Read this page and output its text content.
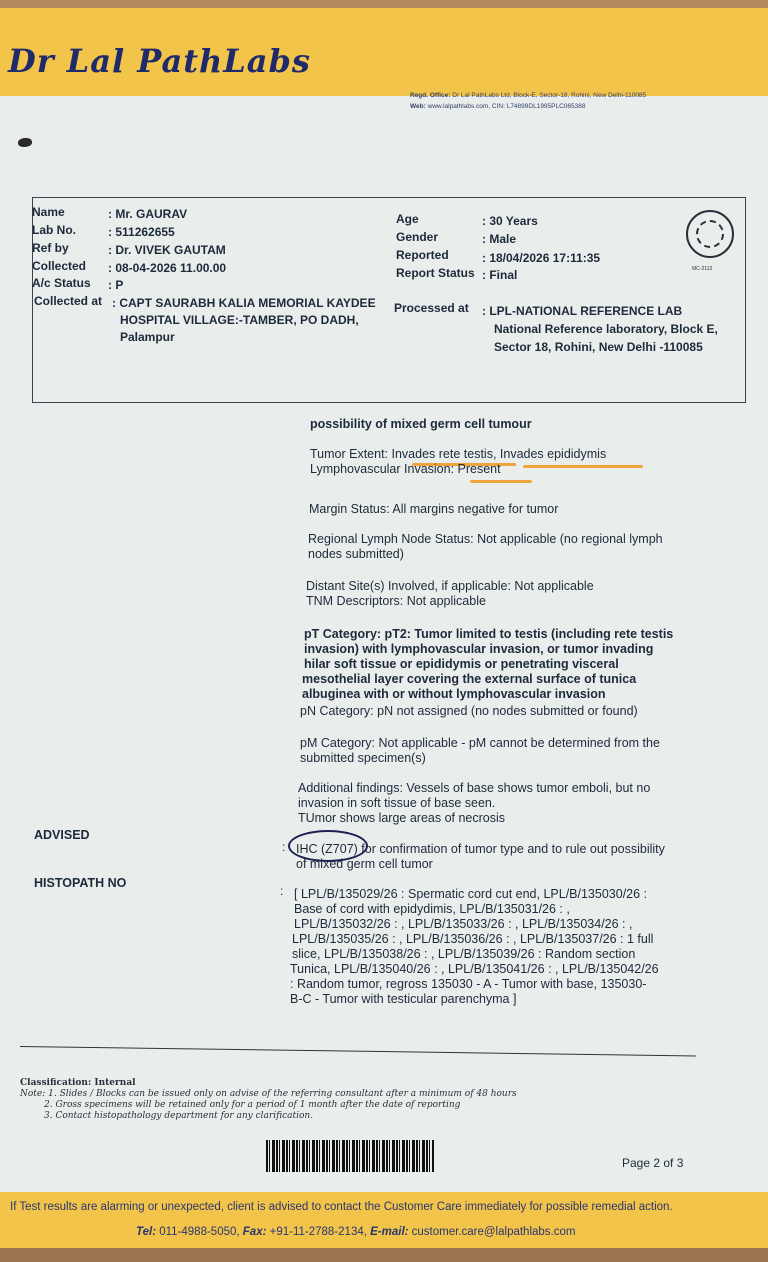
Dr Lal PathLabs
Regd. Office: Dr Lal PathLabs Ltd, Block-E, Sector-18, Rohini, New Delhi-110085
Web: www.lalpathlabs.com, CIN: L74899DL1995PLC065388
Name	: Mr. GAURAV
Lab No.	: 511262655
Ref by	: Dr. VIVEK GAUTAM
Collected : 08-04-2026 11.00.00
A/c Status : P
Collected at : CAPT SAURABH KALIA MEMORIAL KAYDEE
HOSPITAL VILLAGE:-TAMBER, PO DADH,
Palampur
Age	: 30 Years
Gender	: Male
Reported	: 18/04/2026 17:11:35
Report Status : Final
Processed at : LPL-NATIONAL REFERENCE LAB
National Reference laboratory, Block E,
Sector 18, Rohini, New Delhi -110085
MC-2113
possibility of mixed germ cell tumour
Tumor Extent: Invades rete testis, Invades epididymis
Lymphovascular Invasion: Present
Margin Status: All margins negative for tumor
Regional Lymph Node Status: Not applicable (no regional lymph
nodes submitted)
Distant Site(s) Involved, if applicable: Not applicable
TNM Descriptors: Not applicable
pT Category: pT2: Tumor limited to testis (including rete testis
invasion) with lymphovascular invasion, or tumor invading
hilar soft tissue or epididymis or penetrating visceral
mesothelial layer covering the external surface of tunica
albuginea with or without lymphovascular invasion
pN Category: pN not assigned (no nodes submitted or found)
pM Category: Not applicable - pM cannot be determined from the
submitted specimen(s)
Additional findings: Vessels of base shows tumor emboli, but no
invasion in soft tissue of base seen.
TUmor shows large areas of necrosis
ADVISED
: IHC (Z707) for confirmation of tumor type and to rule out possibility
of mixed germ cell tumor
HISTOPATH NO
: [ LPL/B/135029/26 : Spermatic cord cut end, LPL/B/135030/26 :
Base of cord with epidydimis, LPL/B/135031/26 : ,
LPL/B/135032/26 : , LPL/B/135033/26 : , LPL/B/135034/26 : ,
LPL/B/135035/26 : , LPL/B/135036/26 : , LPL/B/135037/26 : 1 full
slice, LPL/B/135038/26 : , LPL/B/135039/26 : Random section
Tunica, LPL/B/135040/26 : , LPL/B/135041/26 : , LPL/B/135042/26
: Random tumor, regross 135030 - A - Tumor with base, 135030-
B-C - Tumor with testicular parenchyma ]
Classification: Internal
Note: 1. Slides / Blocks can be issued only on advise of the referring consultant after a minimum of 48 hours
2. Gross specimens will be retained only for a period of 1 month after the date of reporting
3. Contact histopathology department for any clarification.
Page 2 of 3
If Test results are alarming or unexpected, client is advised to contact the Customer Care immediately for possible remedial action.
Tel: 011-4988-5050, Fax: +91-11-2788-2134, E-mail: customer.care@lalpathlabs.com
